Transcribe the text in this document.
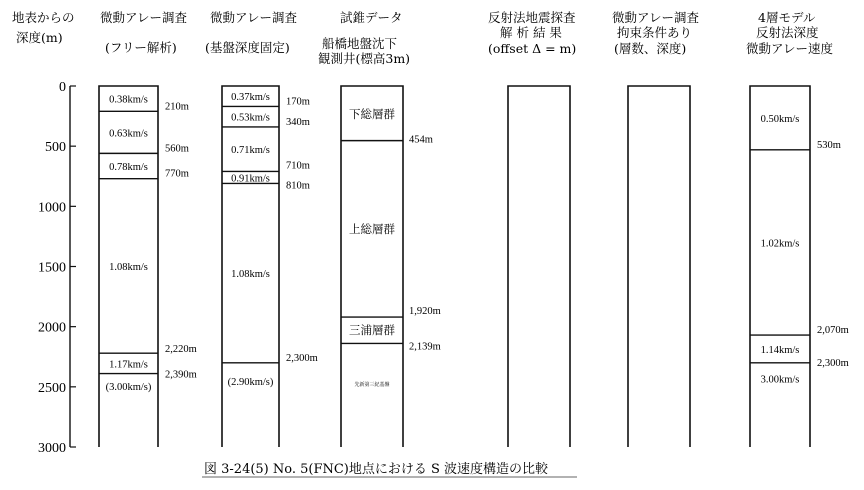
地表からの
深度(m)
0
500
1000
1500
2000
2500
3000
微動アレー調査
(フリー解析)
微動アレー調査
(基盤深度固定)
試錐データ
船橋地盤沈下
観測井(標高3m)
反射法地震探査
解 析 結 果
(offset Δ = m)
微動アレー調査
拘束条件あり
(層数、深度)
4層モデル
反射法深度
微動アレー速度
0.38km/s
0.63km/s
0.78km/s
1.08km/s
1.17km/s
(3.00km/s)
210m
560m
770m
2,220m
2,390m
0.37km/s
0.53km/s
0.71km/s
0.91km/s
1.08km/s
(2.90km/s)
170m
340m
710m
810m
2,300m
下総層群
上総層群
三浦層群
先新第三紀基盤
454m
1,920m
2,139m
0.50km/s
1.02km/s
1.14km/s
3.00km/s
530m
2,070m
2,300m
図 3-24(5) No. 5(FNC)地点における S 波速度構造の比較
